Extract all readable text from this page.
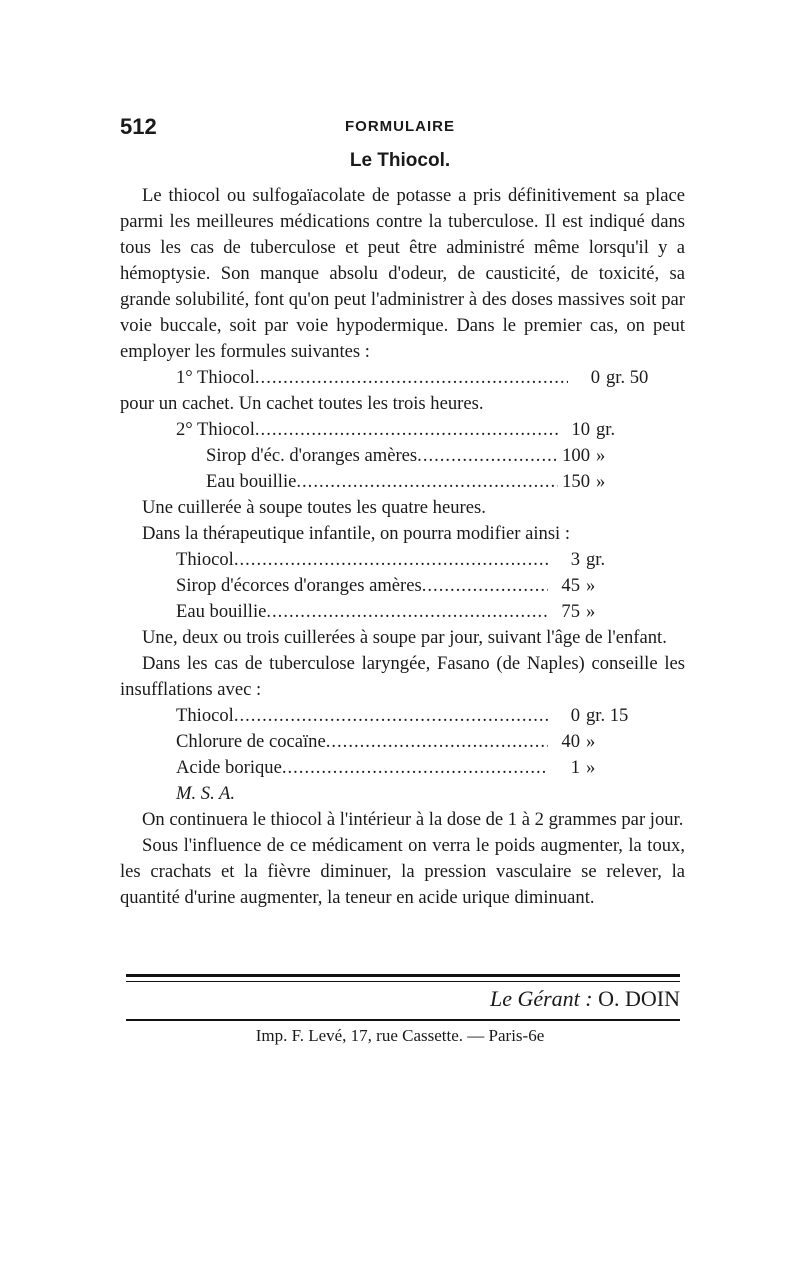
512	FORMULAIRE
Le Thiocol.

Le thiocol ou sulfogaïacolate de potasse a pris définitivement sa place parmi les meilleures médications contre la tuberculose. Il est indiqué dans tous les cas de tuberculose et peut être administré même lorsqu'il y a hémoptysie. Son manque absolu d'odeur, de causticité, de toxicité, sa grande solubilité, font qu'on peut l'administrer à des doses massives soit par voie buccale, soit par voie hypodermique. Dans le premier cas, on peut employer les formules suivantes :

1° Thiocol .....	0 gr. 50

pour un cachet. Un cachet toutes les trois heures.

2° Thiocol .....	10 gr.
Sirop d'éc. d'oranges amères .....	100 »
Eau bouillie .....	150 »

Une cuillerée à soupe toutes les quatre heures.

Dans la thérapeutique infantile, on pourra modifier ainsi :

Thiocol .....	3 gr.
Sirop d'écorces d'oranges amères .....	45 »
Eau bouillie .....	75 »

Une, deux ou trois cuillerées à soupe par jour, suivant l'âge de l'enfant.

Dans les cas de tuberculose laryngée, Fasano (de Naples) conseille les insufflations avec :

Thiocol .....	0 gr. 15
Chlorure de cocaïne .....	40 »
Acide borique .....	1 »
M. S. A.

On continuera le thiocol à l'intérieur à la dose de 1 à 2 grammes par jour.

Sous l'influence de ce médicament on verra le poids augmenter, la toux, les crachats et la fièvre diminuer, la pression vasculaire se relever, la quantité d'urine augmenter, la teneur en acide urique diminuant.

Le Gérant : O. DOIN
Imp. F. Levé, 17, rue Cassette. — Paris-6e
